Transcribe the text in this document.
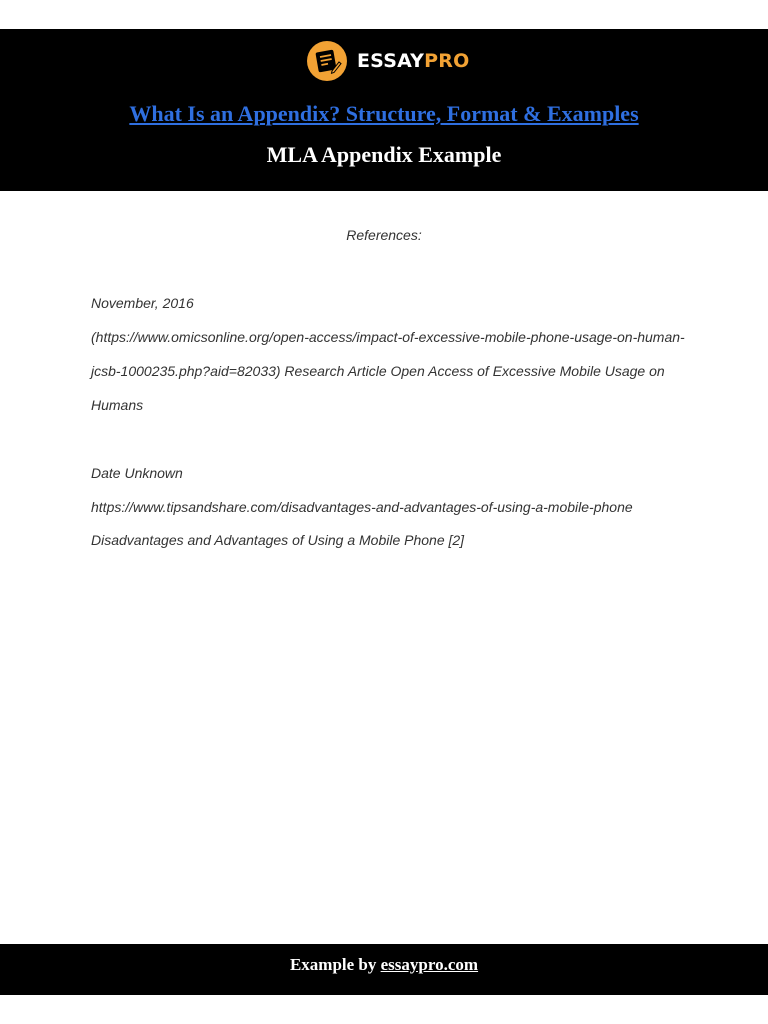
ESSAYPRO
What Is an Appendix? Structure, Format & Examples
MLA Appendix Example
References:
November, 2016
(https://www.omicsonline.org/open-access/impact-of-excessive-mobile-phone-usage-on-human-
jcsb-1000235.php?aid=82033) Research Article Open Access of Excessive Mobile Usage on
Humans
Date Unknown
https://www.tipsandshare.com/disadvantages-and-advantages-of-using-a-mobile-phone
Disadvantages and Advantages of Using a Mobile Phone [2]
Example by essaypro.com
